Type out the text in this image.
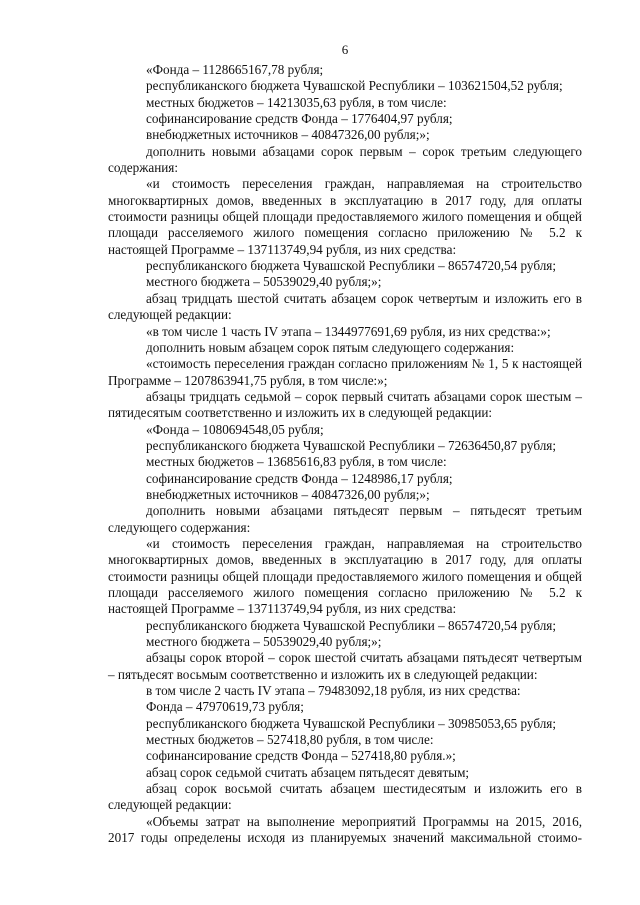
6

«Фонда – 1128665167,78 рубля;

республиканского бюджета Чувашской Республики – 103621504,52 рубля;

местных бюджетов – 14213035,63 рубля, в том числе:

софинансирование средств Фонда – 1776404,97 рубля;

внебюджетных источников – 40847326,00 рубля;»;

дополнить новыми абзацами сорок первым – сорок третьим следующего содержания:

«и стоимость переселения граждан, направляемая на строительство многоквартирных домов, введенных в эксплуатацию в 2017 году, для оплаты стоимости разницы общей площади предоставляемого жилого помещения и общей площади расселяемого жилого помещения согласно приложению № 5.2 к настоящей Программе – 137113749,94 рубля, из них средства:

республиканского бюджета Чувашской Республики – 86574720,54 рубля;

местного бюджета – 50539029,40 рубля;»;

абзац тридцать шестой считать абзацем сорок четвертым и изложить его в следующей редакции:

«в том числе 1 часть IV этапа – 1344977691,69 рубля, из них средства:»;

дополнить новым абзацем сорок пятым следующего содержания:

«стоимость переселения граждан согласно приложениям № 1, 5 к настоящей Программе – 1207863941,75 рубля, в том числе:»;

абзацы тридцать седьмой – сорок первый считать абзацами сорок шестым – пятидесятым соответственно и изложить их в следующей редакции:

«Фонда – 1080694548,05 рубля;

республиканского бюджета Чувашской Республики – 72636450,87 рубля;

местных бюджетов – 13685616,83 рубля, в том числе:

софинансирование средств Фонда – 1248986,17 рубля;

внебюджетных источников – 40847326,00 рубля;»;

дополнить новыми абзацами пятьдесят первым – пятьдесят третьим следующего содержания:

«и стоимость переселения граждан, направляемая на строительство многоквартирных домов, введенных в эксплуатацию в 2017 году, для оплаты стоимости разницы общей площади предоставляемого жилого помещения и общей площади расселяемого жилого помещения согласно приложению № 5.2 к настоящей Программе – 137113749,94 рубля, из них средства:

республиканского бюджета Чувашской Республики – 86574720,54 рубля;

местного бюджета – 50539029,40 рубля;»;

абзацы сорок второй – сорок шестой считать абзацами пятьдесят четвертым – пятьдесят восьмым соответственно и изложить их в следующей редакции:

в том числе 2 часть IV этапа – 79483092,18 рубля, из них средства:

Фонда – 47970619,73 рубля;

республиканского бюджета Чувашской Республики – 30985053,65 рубля;

местных бюджетов – 527418,80 рубля, в том числе:

софинансирование средств Фонда – 527418,80 рубля.»;

абзац сорок седьмой считать абзацем пятьдесят девятым;

абзац сорок восьмой считать абзацем шестидесятым и изложить его в следующей редакции:

«Объемы затрат на выполнение мероприятий Программы на 2015, 2016, 2017 годы определены исходя из планируемых значений максимальной стоимо-
